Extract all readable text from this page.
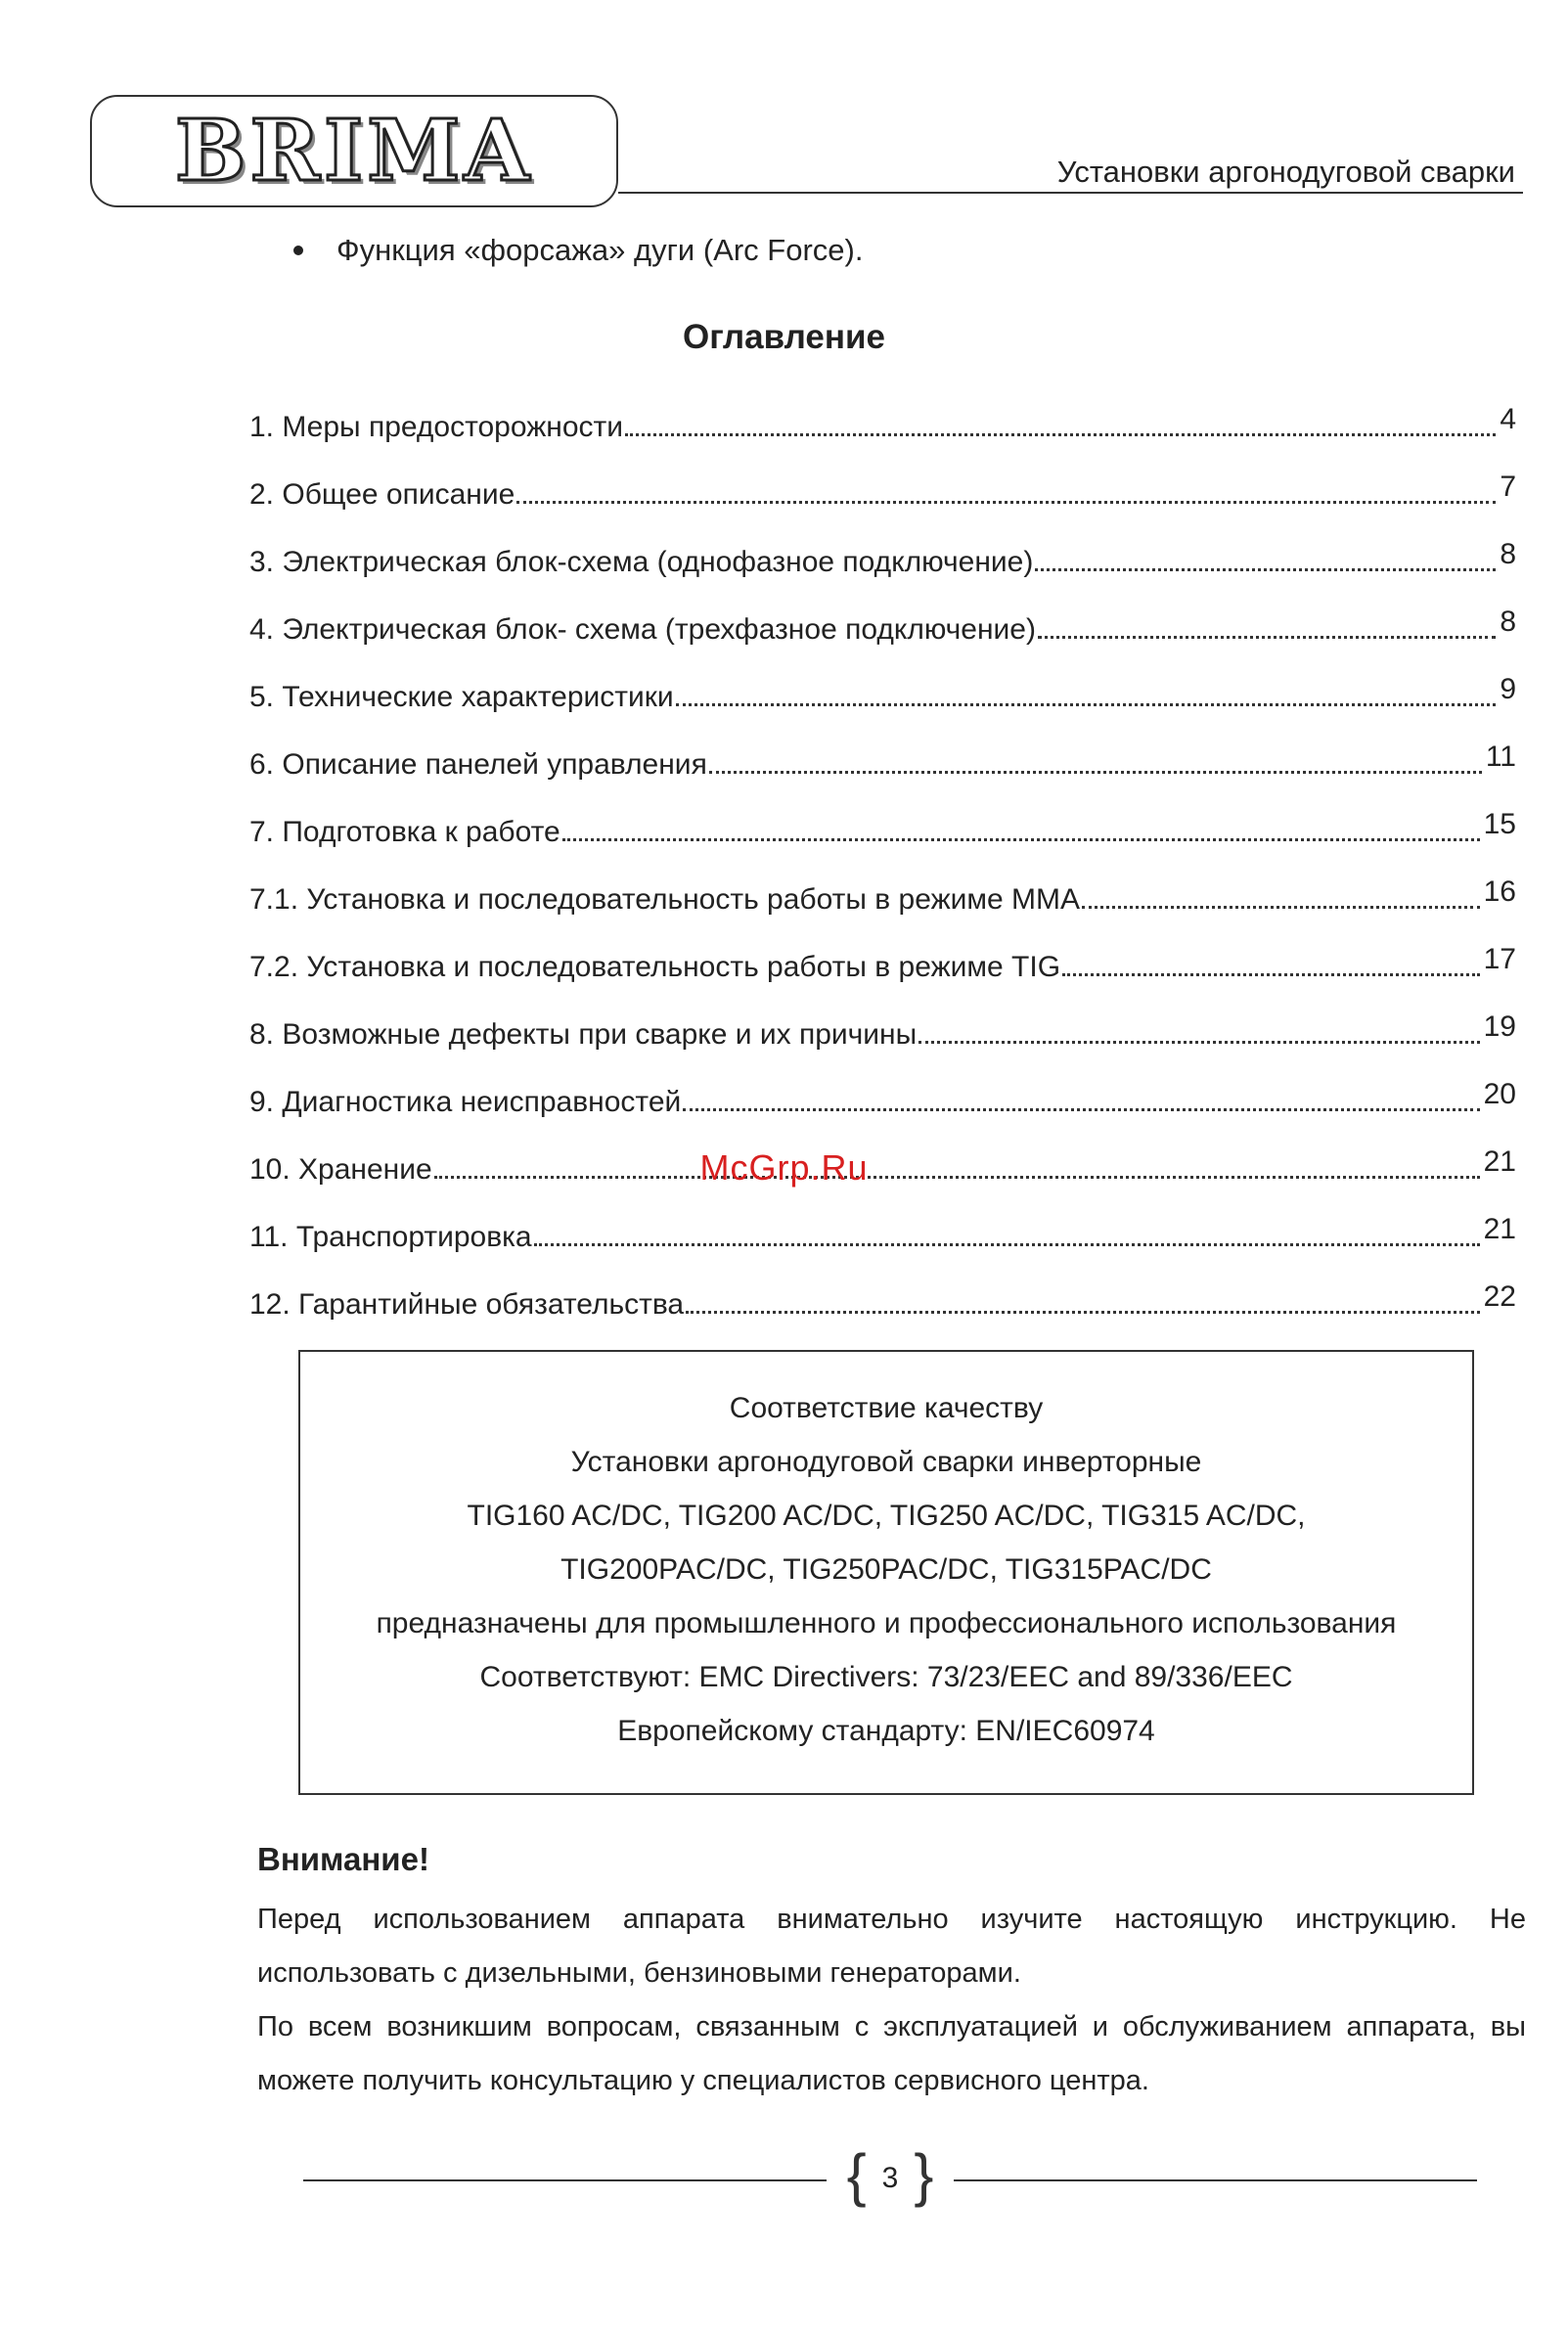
BRIMA	Установки аргонодуговой сварки
Функция «форсажа» дуги (Arc Force).
Оглавление
1. Меры предосторожности	4
2. Общее описание	7
3. Электрическая блок-схема (однофазное подключение)	8
4. Электрическая блок- схема (трехфазное подключение)	8
5. Технические характеристики	9
6. Описание панелей управления	11
7. Подготовка к работе	15
7.1. Установка и последовательность работы в режиме ММА	16
7.2. Установка и последовательность работы в режиме TIG	17
8. Возможные дефекты при сварке и их причины	19
9. Диагностика неисправностей	20
10. Хранение	21
11. Транспортировка	21
12. Гарантийные обязательства	22
McGrp.Ru
Соответствие качеству
Установки аргонодуговой сварки инверторные
TIG160 AC/DC, TIG200 AC/DC, TIG250 AC/DC, TIG315 AC/DC,
TIG200PAC/DC, TIG250PAC/DC, TIG315PAC/DC
предназначены для промышленного и профессионального использования
Соответствуют: EMC Directivers: 73/23/EEC and 89/336/EEC
Европейскому стандарту: EN/IEC60974
Внимание!

Перед использованием аппарата внимательно изучите настоящую инструкцию. Не использовать с дизельными, бензиновыми генераторами.

По всем возникшим вопросам, связанным с эксплуатацией и обслуживанием аппарата, вы можете получить консультацию у специалистов сервисного центра.

{ 3 }
